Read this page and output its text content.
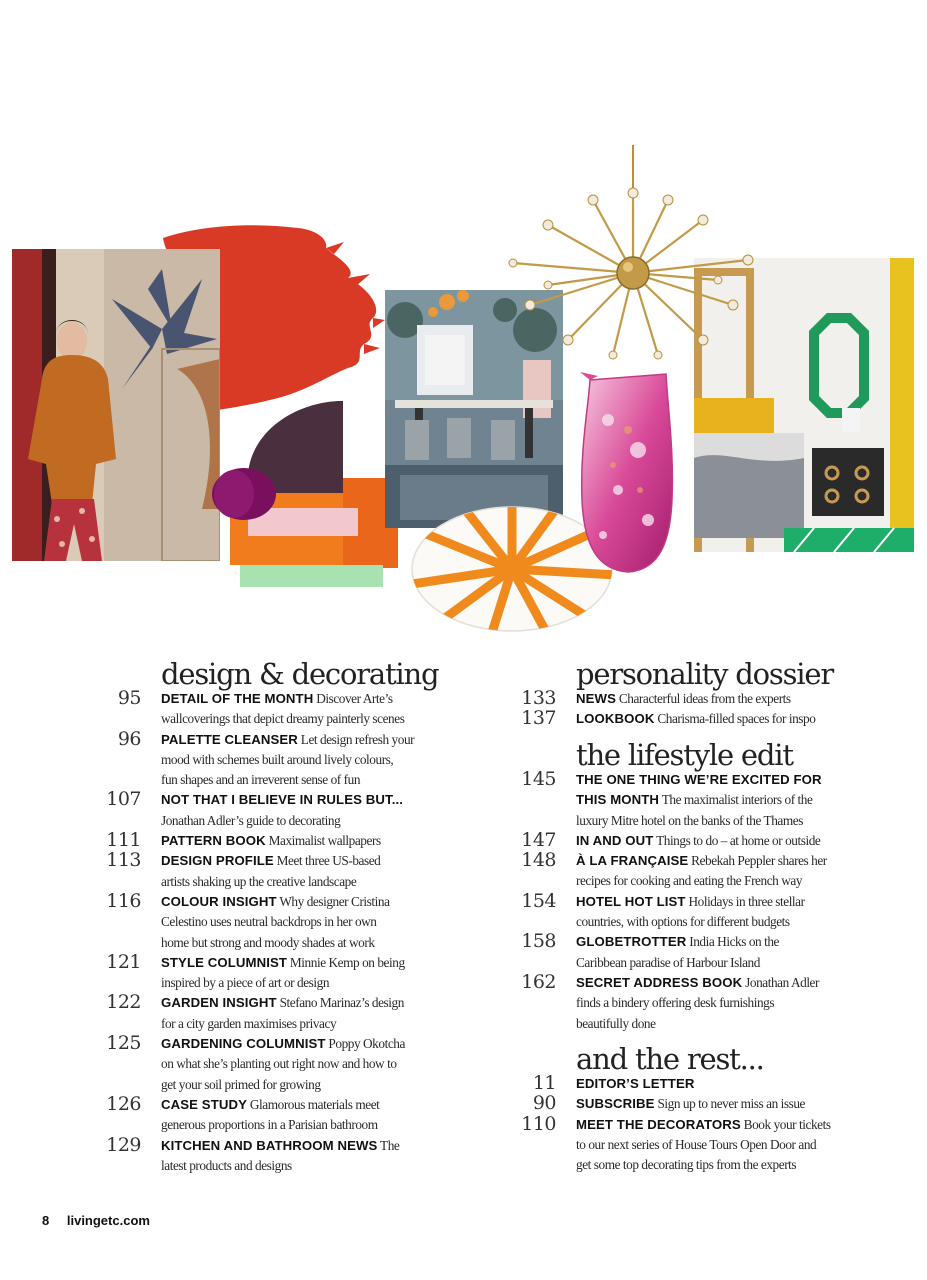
design & decorating
95 DETAIL OF THE MONTH Discover Arte’s
wallcoverings that depict dreamy painterly scenes
96 PALETTE CLEANSER Let design refresh your
mood with schemes built around lively colours,
fun shapes and an irreverent sense of fun
107 NOT THAT I BELIEVE IN RULES BUT...
Jonathan Adler’s guide to decorating
111 PATTERN BOOK Maximalist wallpapers
113 DESIGN PROFILE Meet three US-based
artists shaking up the creative landscape
116 COLOUR INSIGHT Why designer Cristina
Celestino uses neutral backdrops in her own
home but strong and moody shades at work
121 STYLE COLUMNIST Minnie Kemp on being
inspired by a piece of art or design
122 GARDEN INSIGHT Stefano Marinaz’s design
for a city garden maximises privacy
125 GARDENING COLUMNIST Poppy Okotcha
on what she’s planting out right now and how to
get your soil primed for growing
126 CASE STUDY Glamorous materials meet
generous proportions in a Parisian bathroom
129 KITCHEN AND BATHROOM NEWS The
latest products and designs
personality dossier
133 NEWS Characterful ideas from the experts
137 LOOKBOOK Charisma-filled spaces for inspo
the lifestyle edit
145 THE ONE THING WE’RE EXCITED FOR
THIS MONTH The maximalist interiors of the
luxury Mitre hotel on the banks of the Thames
147 IN AND OUT Things to do – at home or outside
148 À LA FRANÇAISE Rebekah Peppler shares her
recipes for cooking and eating the French way
154 HOTEL HOT LIST Holidays in three stellar
countries, with options for different budgets
158 GLOBETROTTER India Hicks on the
Caribbean paradise of Harbour Island
162 SECRET ADDRESS BOOK Jonathan Adler
finds a bindery offering desk furnishings
beautifully done
and the rest...
11 EDITOR’S LETTER
90 SUBSCRIBE Sign up to never miss an issue
110 MEET THE DECORATORS Book your tickets
to our next series of House Tours Open Door and
get some top decorating tips from the experts
8 livingetc.com
